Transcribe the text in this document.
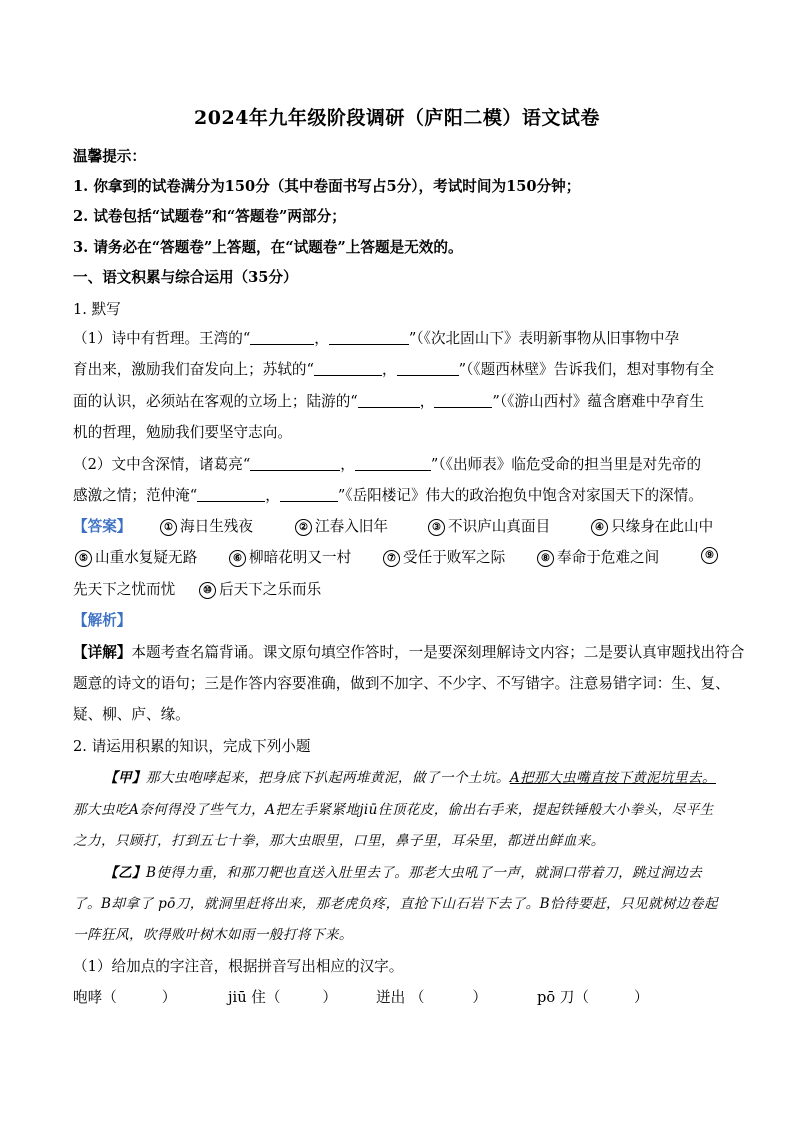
2024年九年级阶段调研（庐阳二模）语文试卷
温馨提示：
1. 你拿到的试卷满分为150分（其中卷面书写占5分），考试时间为150分钟；
2. 试卷包括“试题卷”和“答题卷”两部分；
3. 请务必在“答题卷”上答题，在“试题卷”上答题是无效的。
一、语文积累与综合运用（35分）
1. 默写
（1）诗中有哲理。王湾的“	，	”（《次北固山下》表明新事物从旧事物中孕
育出来，激励我们奋发向上；苏轼的“	，	”（《题西林壁》告诉我们，想对事物有全
面的认识，必须站在客观的立场上；陆游的“	，	”（《游山西村》蕴含磨难中孕育生
机的哲理，勉励我们要坚守志向。
（2）文中含深情，诸葛亮“	，	”（《出师表》临危受命的担当里是对先帝的
感激之情；范仲淹“	，	”《岳阳楼记》伟大的政治抱负中饱含对家国天下的深情。
【答案】	① 海日生残夜	② 江春入旧年	③ 不识庐山真面目	④ 只缘身在此山中
⑤ 山重水复疑无路	⑥ 柳暗花明又一村	⑦ 受任于败军之际	⑧ 奉命于危难之间	⑨
先天下之忧而忧	⑩ 后天下之乐而乐
【解析】
【详解】本题考查名篇背诵。课文原句填空作答时，一是要深刻理解诗文内容；二是要认真审题找出符合
题意的诗文的语句；三是作答内容要准确，做到不加字、不少字、不写错字。注意易错字词：生、复、
疑、柳、庐、缘。
2. 请运用积累的知识，完成下列小题
【甲】那大虫咆哮起来，把身底下扒起两堆黄泥，做了一个土坑。A把那大虫嘴直按下黄泥坑里去。
那大虫吃A奈何得没了些气力，A把左手紧紧地jiū住顶花皮，偷出右手来，提起铁锤般大小拳头，尽平生
之力，只顾打，打到五七十拳，那大虫眼里，口里，鼻子里，耳朵里，都迸出鲜血来。
【乙】B使得力重，和那刀靶也直送入肚里去了。那老大虫吼了一声，就洞口带着刀，跳过涧边去
了。B却拿了 pō刀，就洞里赶将出来，那老虎负疼，直抢下山石岩下去了。B恰待要赶，只见就树边卷起
一阵狂风，吹得败叶树木如雨一般打将下来。
（1）给加点的字注音，根据拼音写出相应的汉字。
咆哮（	）	jiū 住（	）	迸出 （	）	pō 刀（	）
